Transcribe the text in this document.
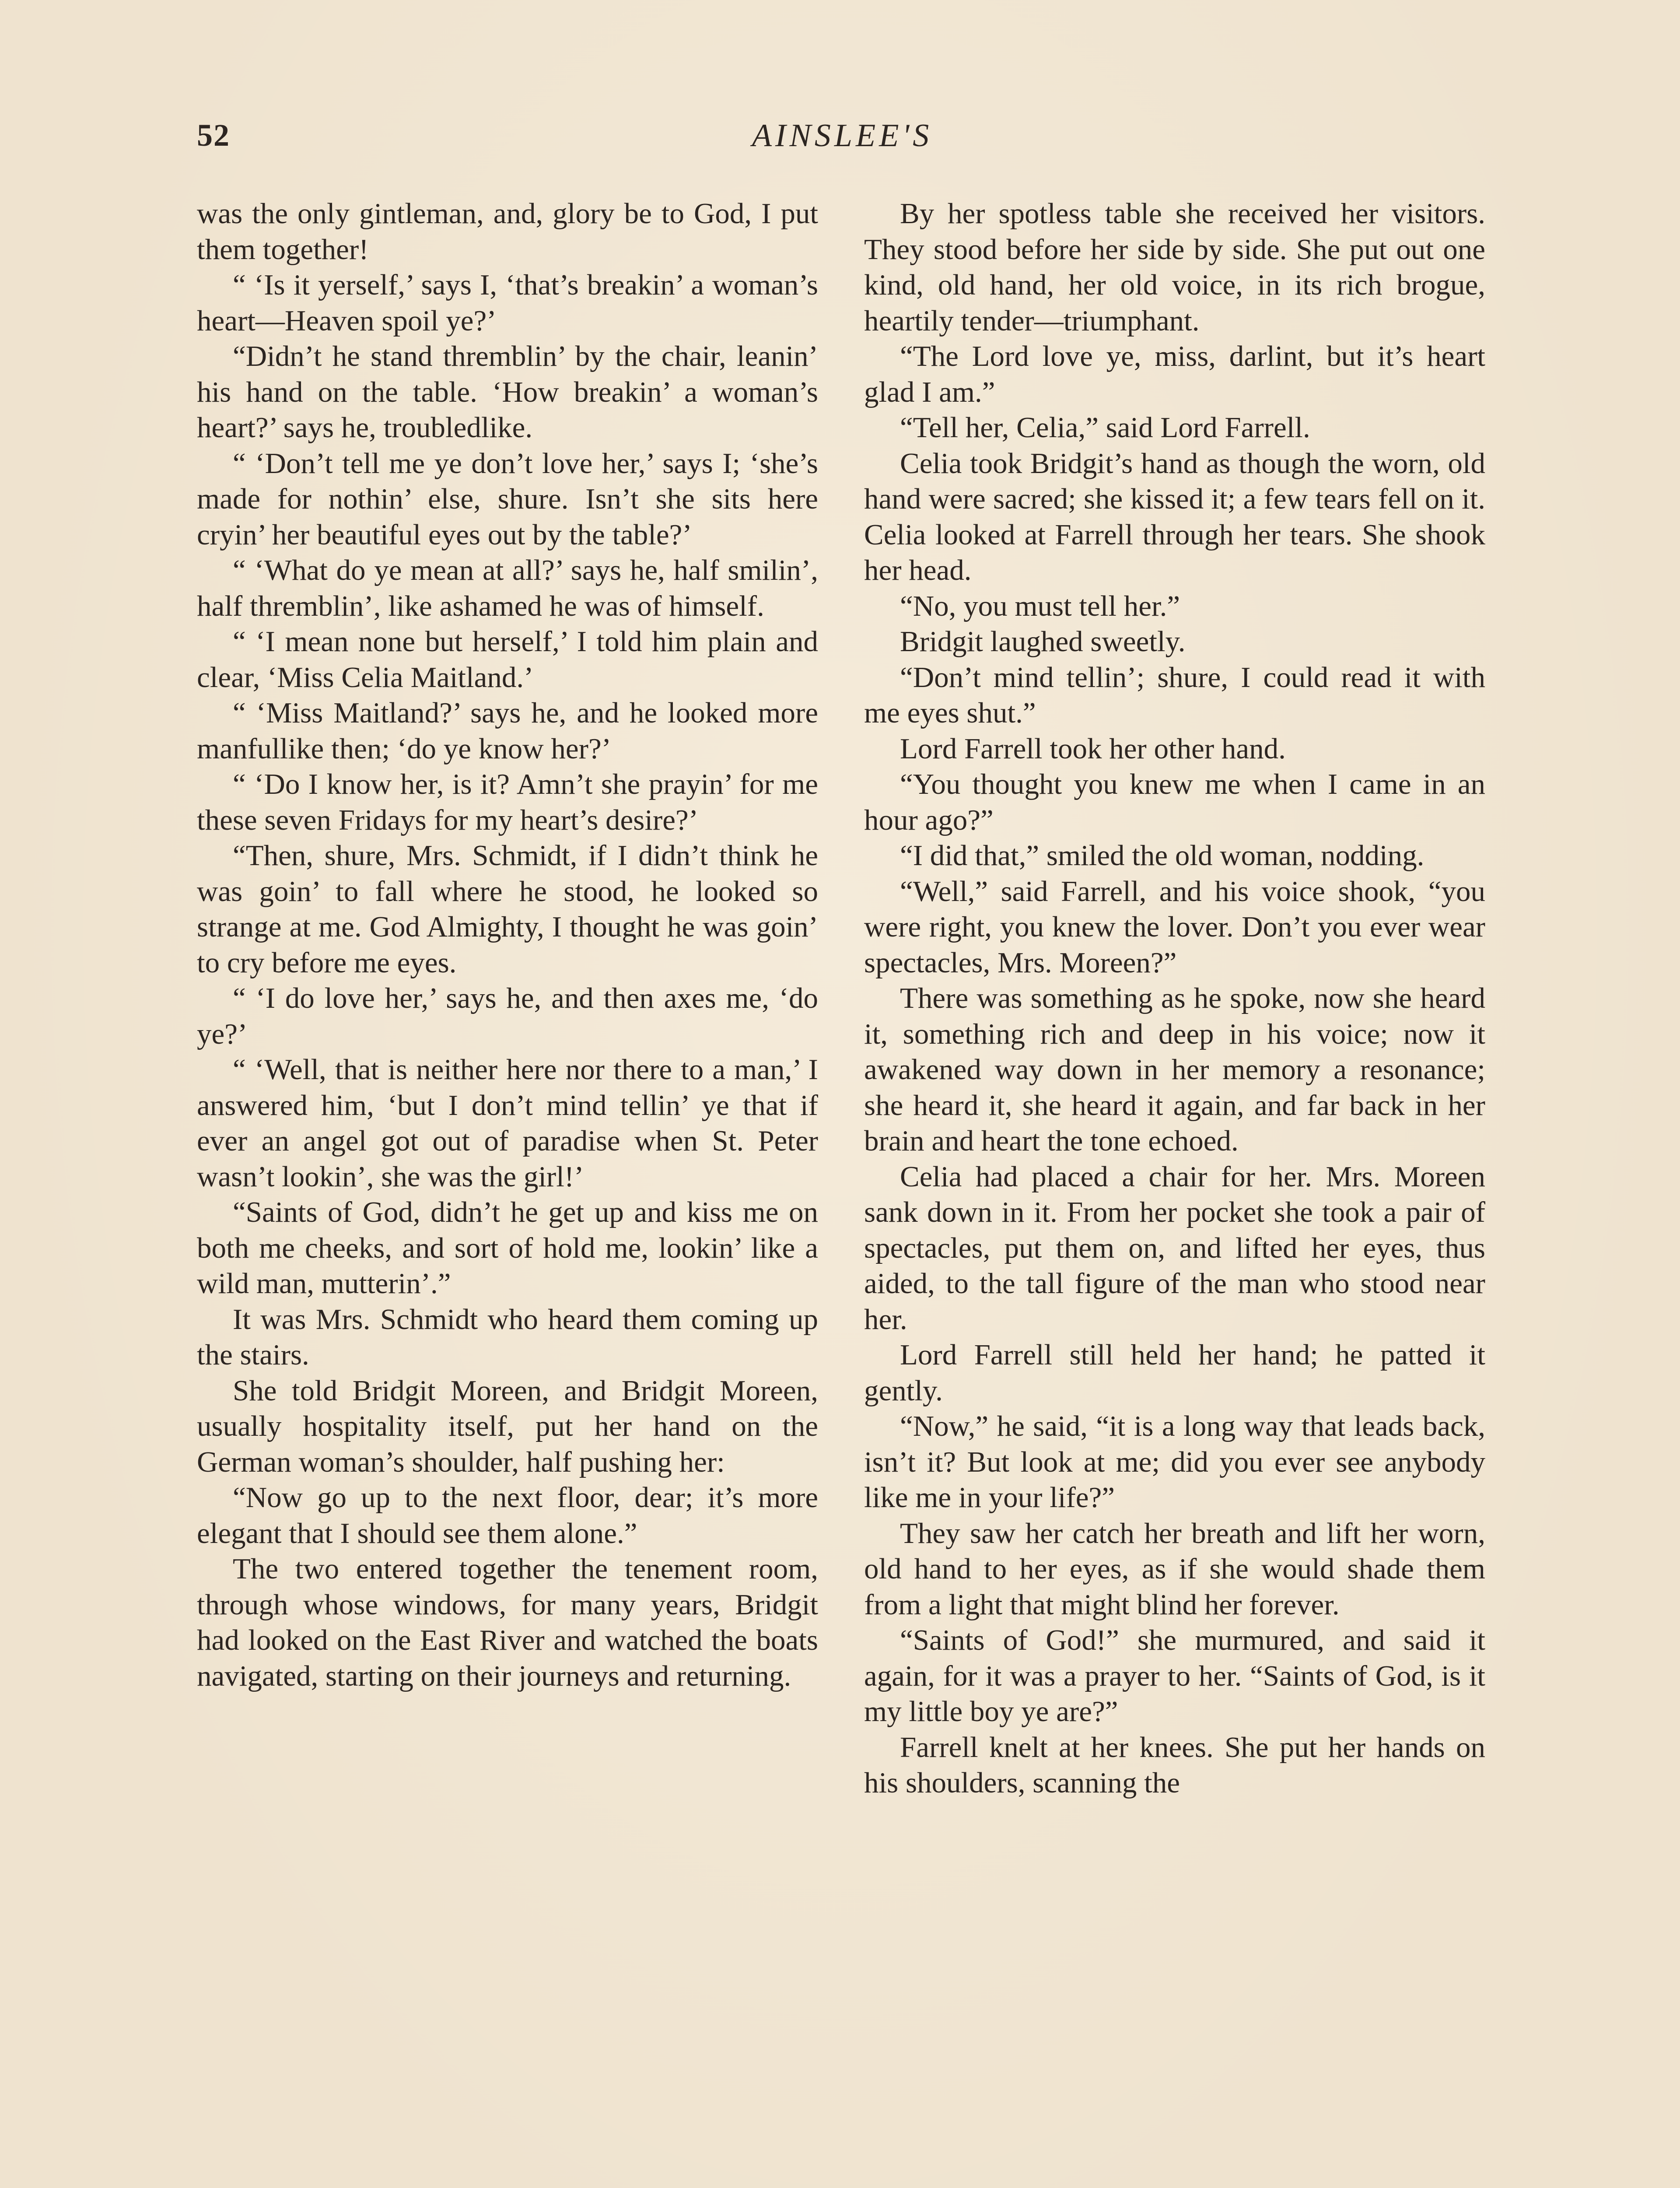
52	AINSLEE'S

was the only gintleman, and, glory be to God, I put them together!

“ ‘Is it yerself,’ says I, ‘that’s breakin’ a woman’s heart—Heaven spoil ye?’

“Didn’t he stand thremblin’ by the chair, leanin’ his hand on the table. ‘How breakin’ a woman’s heart?’ says he, troubledlike.

“ ‘Don’t tell me ye don’t love her,’ says I; ‘she’s made for nothin’ else, shure. Isn’t she sits here cryin’ her beautiful eyes out by the table?’

“ ‘What do ye mean at all?’ says he, half smilin’, half thremblin’, like ashamed he was of himself.

“ ‘I mean none but herself,’ I told him plain and clear, ‘Miss Celia Maitland.’

“ ‘Miss Maitland?’ says he, and he looked more manfullike then; ‘do ye know her?’

“ ‘Do I know her, is it? Amn’t she prayin’ for me these seven Fridays for my heart’s desire?’

“Then, shure, Mrs. Schmidt, if I didn’t think he was goin’ to fall where he stood, he looked so strange at me. God Almighty, I thought he was goin’ to cry before me eyes.

“ ‘I do love her,’ says he, and then axes me, ‘do ye?’

“ ‘Well, that is neither here nor there to a man,’ I answered him, ‘but I don’t mind tellin’ ye that if ever an angel got out of paradise when St. Peter wasn’t lookin’, she was the girl!’

“Saints of God, didn’t he get up and kiss me on both me cheeks, and sort of hold me, lookin’ like a wild man, mutterin’.”

It was Mrs. Schmidt who heard them coming up the stairs.

She told Bridgit Moreen, and Bridgit Moreen, usually hospitality itself, put her hand on the German woman’s shoulder, half pushing her:

“Now go up to the next floor, dear; it’s more elegant that I should see them alone.”

The two entered together the tenement room, through whose windows, for many years, Bridgit had looked on the East River and watched the boats navigated, starting on their journeys and returning.

By her spotless table she received her visitors. They stood before her side by side. She put out one kind, old hand, her old voice, in its rich brogue, heartily tender—triumphant.

“The Lord love ye, miss, darlint, but it’s heart glad I am.”

“Tell her, Celia,” said Lord Farrell.

Celia took Bridgit’s hand as though the worn, old hand were sacred; she kissed it; a few tears fell on it. Celia looked at Farrell through her tears. She shook her head.

“No, you must tell her.”

Bridgit laughed sweetly.

“Don’t mind tellin’; shure, I could read it with me eyes shut.”

Lord Farrell took her other hand.

“You thought you knew me when I came in an hour ago?”

“I did that,” smiled the old woman, nodding.

“Well,” said Farrell, and his voice shook, “you were right, you knew the lover. Don’t you ever wear spectacles, Mrs. Moreen?”

There was something as he spoke, now she heard it, something rich and deep in his voice; now it awakened way down in her memory a resonance; she heard it, she heard it again, and far back in her brain and heart the tone echoed.

Celia had placed a chair for her. Mrs. Moreen sank down in it. From her pocket she took a pair of spectacles, put them on, and lifted her eyes, thus aided, to the tall figure of the man who stood near her.

Lord Farrell still held her hand; he patted it gently.

“Now,” he said, “it is a long way that leads back, isn’t it? But look at me; did you ever see anybody like me in your life?”

They saw her catch her breath and lift her worn, old hand to her eyes, as if she would shade them from a light that might blind her forever.

“Saints of God!” she murmured, and said it again, for it was a prayer to her. “Saints of God, is it my little boy ye are?”

Farrell knelt at her knees. She put her hands on his shoulders, scanning the
